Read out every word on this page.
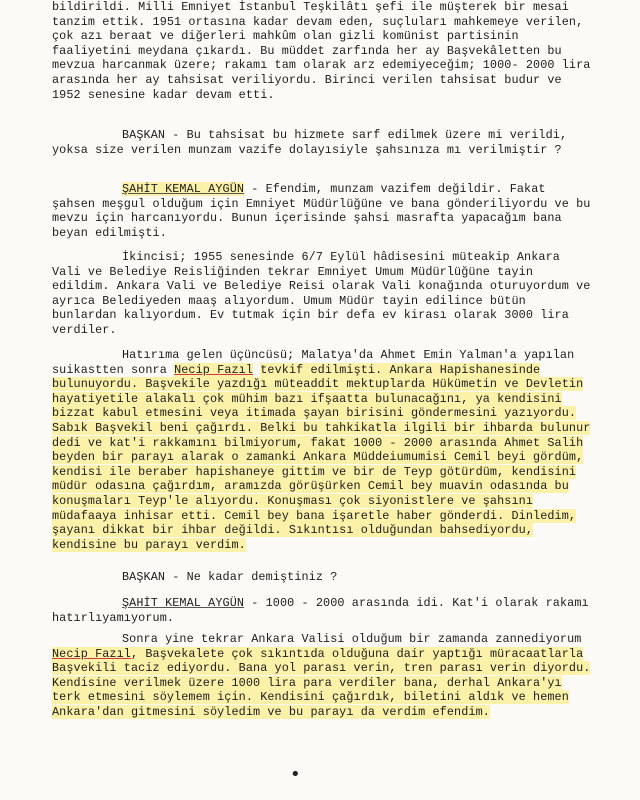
bildirildi. Milli Emniyet İstanbul Teşkilâtı şefi ile müşterek bir mesai tanzim ettik. 1951 ortasına kadar devam eden, suçluları mahkemeye verilen, çok azı beraat ve diğerleri mahkûm olan gizli komünist partisinin faaliyetini meydana çıkardı. Bu müddet zarfında her ay Başvekâletten bu mevzua harcanmak üzere; rakamı tam olarak arz edemiyeceğim; 1000- 2000 lira arasında her ay tahsisat veriliyordu. Birinci verilen tahsisat budur ve 1952 senesine kadar devam etti.

BAŞKAN - Bu tahsisat bu hizmete sarf edilmek üzere mi verildi, yoksa size verilen munzam vazife dolayısiyle şahsınıza mı verilmiştir ?

ŞAHİT KEMAL AYGÜN - Efendim, munzam vazifem değildir. Fakat şahsen meşgul olduğum için Emniyet Müdürlüğüne ve bana gönderiliyordu ve bu mevzu için harcanıyordu. Bunun içerisinde şahsi masrafta yapacağım bana beyan edilmişti.

İkincisi; 1955 senesinde 6/7 Eylül hâdisesini müteakip Ankara Vali ve Belediye Reisliğinden tekrar Emniyet Umum Müdürlüğüne tayin edildim. Ankara Vali ve Belediye Reisi olarak Vali konağında oturuyordum ve ayrıca Belediyeden maaş alıyordum. Umum Müdür tayin edilince bütün bunlardan kalıyordum. Ev tutmak için bir defa ev kirası olarak 3000 lira verdiler.

Hatırıma gelen üçüncüsü; Malatya'da Ahmet Emin Yalman'a yapılan suikastten sonra Necip Fazıl tevkif edilmişti. Ankara Hapishanesinde bulunuyordu. Başvekile yazdığı müteaddit mektuplarda Hükümetin ve Devletin hayatiyetile alakalı çok mühim bazı ifşaatta bulunacağını, ya kendisini bizzat kabul etmesini veya itimada şayan birisini göndermesini yazıyordu. Sabık Başvekil beni çağırdı. Belki bu tahkikatla ilgili bir ihbarda bulunur dedi ve kat'i rakkamını bilmiyorum, fakat 1000 - 2000 arasında Ahmet Salih beyden bir parayı alarak o zamanki Ankara Müddeiumumisi Cemil beyi gördüm, kendisi ile beraber hapishaneye gittim ve bir de Teyp götürdüm, kendisini müdür odasına çağırdım, aramızda görüşürken Cemil bey muavin odasında bu konuşmaları Teyp'le alıyordu. Konuşması çok siyonistlere ve şahsını müdafaaya inhisar etti. Cemil bey bana işaretle haber gönderdi. Dinledim, şayanı dikkat bir ihbar değildi. Sıkıntısı olduğundan bahsediyordu, kendisine bu parayı verdim.

BAŞKAN - Ne kadar demiştiniz ?

ŞAHİT KEMAL AYGÜN - 1000 - 2000 arasında idi. Kat'i olarak rakamı hatırlıyamıyorum.

Sonra yine tekrar Ankara Valisi olduğum bir zamanda zannediyorum Necip Fazıl, Başvekalete çok sıkıntıda olduğuna dair yaptığı müracaatlarla Başvekili taciz ediyordu. Bana yol parası verin, tren parası verin diyordu. Kendisine verilmek üzere 1000 lira para verdiler bana, derhal Ankara'yı terk etmesini söylemem için. Kendisini çağırdık, biletini aldık ve hemen Ankara'dan gitmesini söyledim ve bu parayı da verdim efendim.

•
